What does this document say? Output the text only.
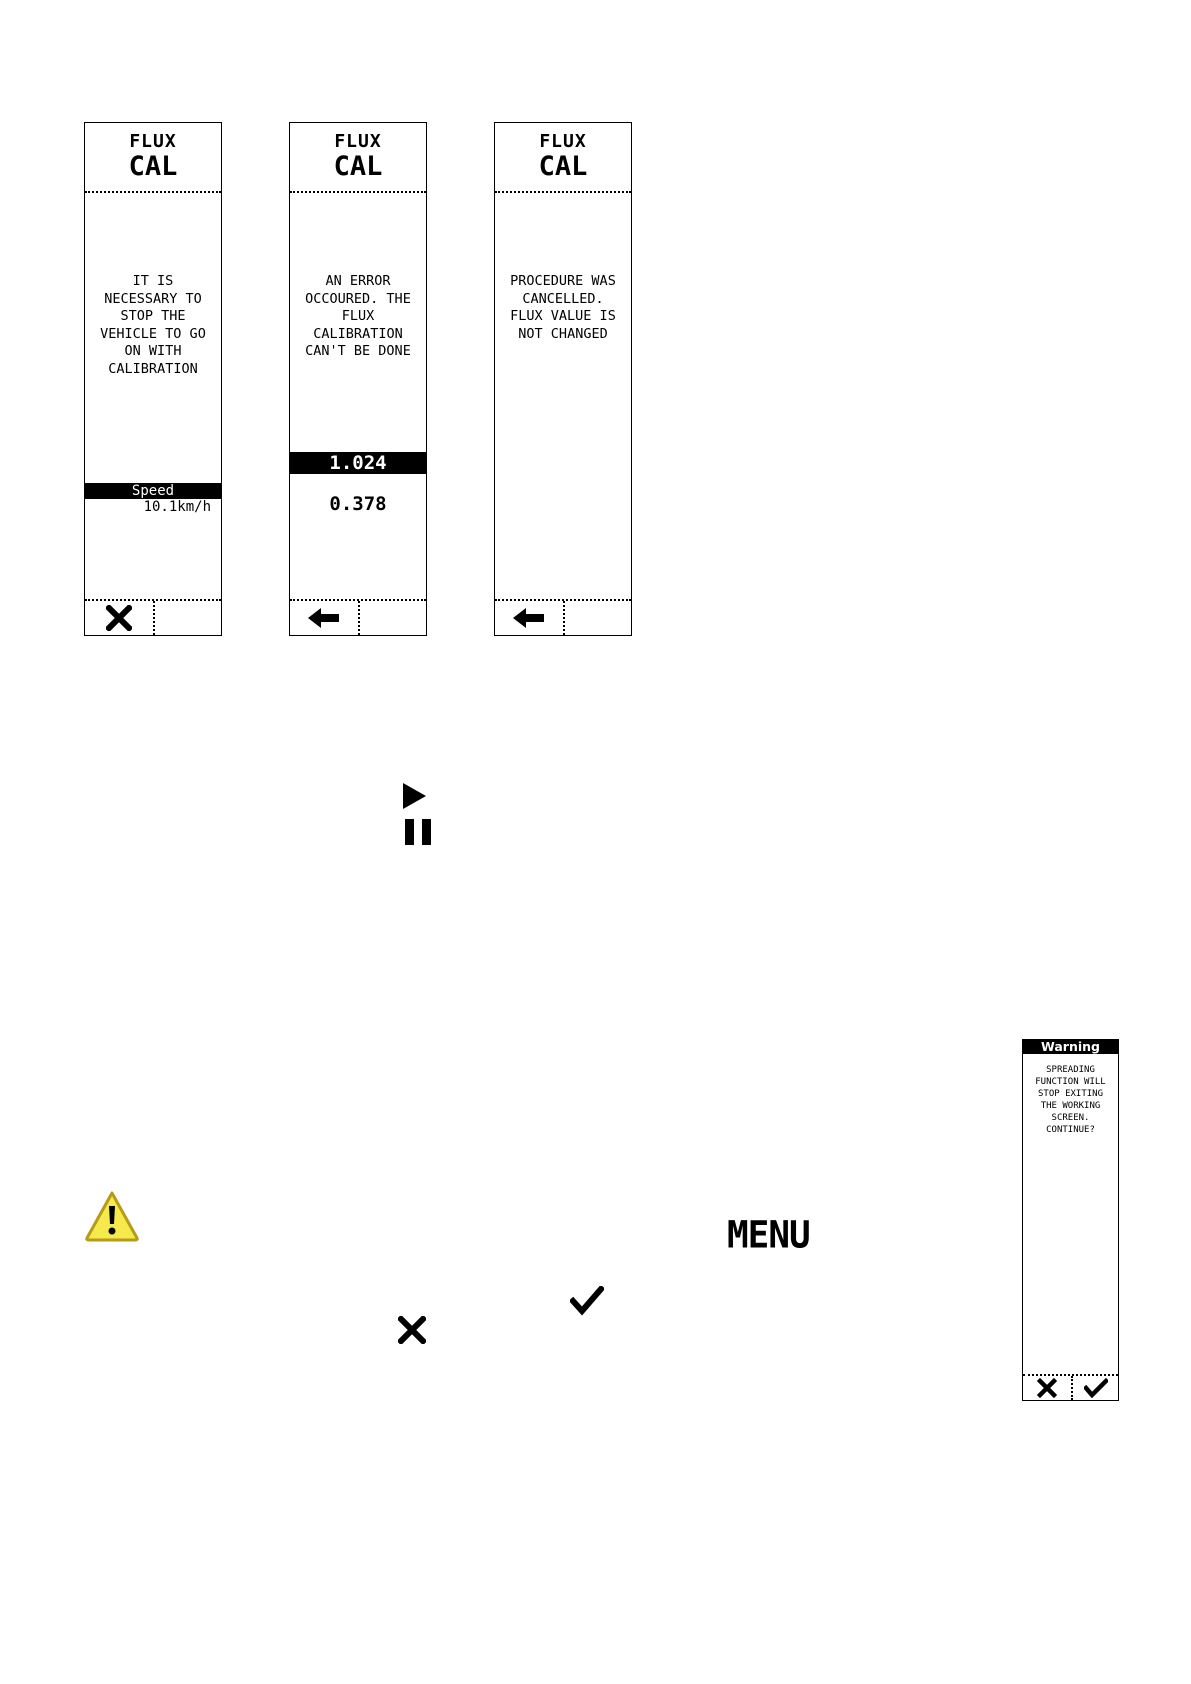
FLUX
CAL
IT IS
NECESSARY TO
STOP THE
VEHICLE TO GO
ON WITH
CALIBRATION
Speed
10.1km/h
FLUX
CAL
AN ERROR
OCCOURED. THE
FLUX
CALIBRATION
CAN'T BE DONE
1.024
0.378
FLUX
CAL
PROCEDURE WAS
CANCELLED.
FLUX VALUE IS
NOT CHANGED
MENU
Warning
SPREADING
FUNCTION WILL
STOP EXITING
THE WORKING
SCREEN.
CONTINUE?
